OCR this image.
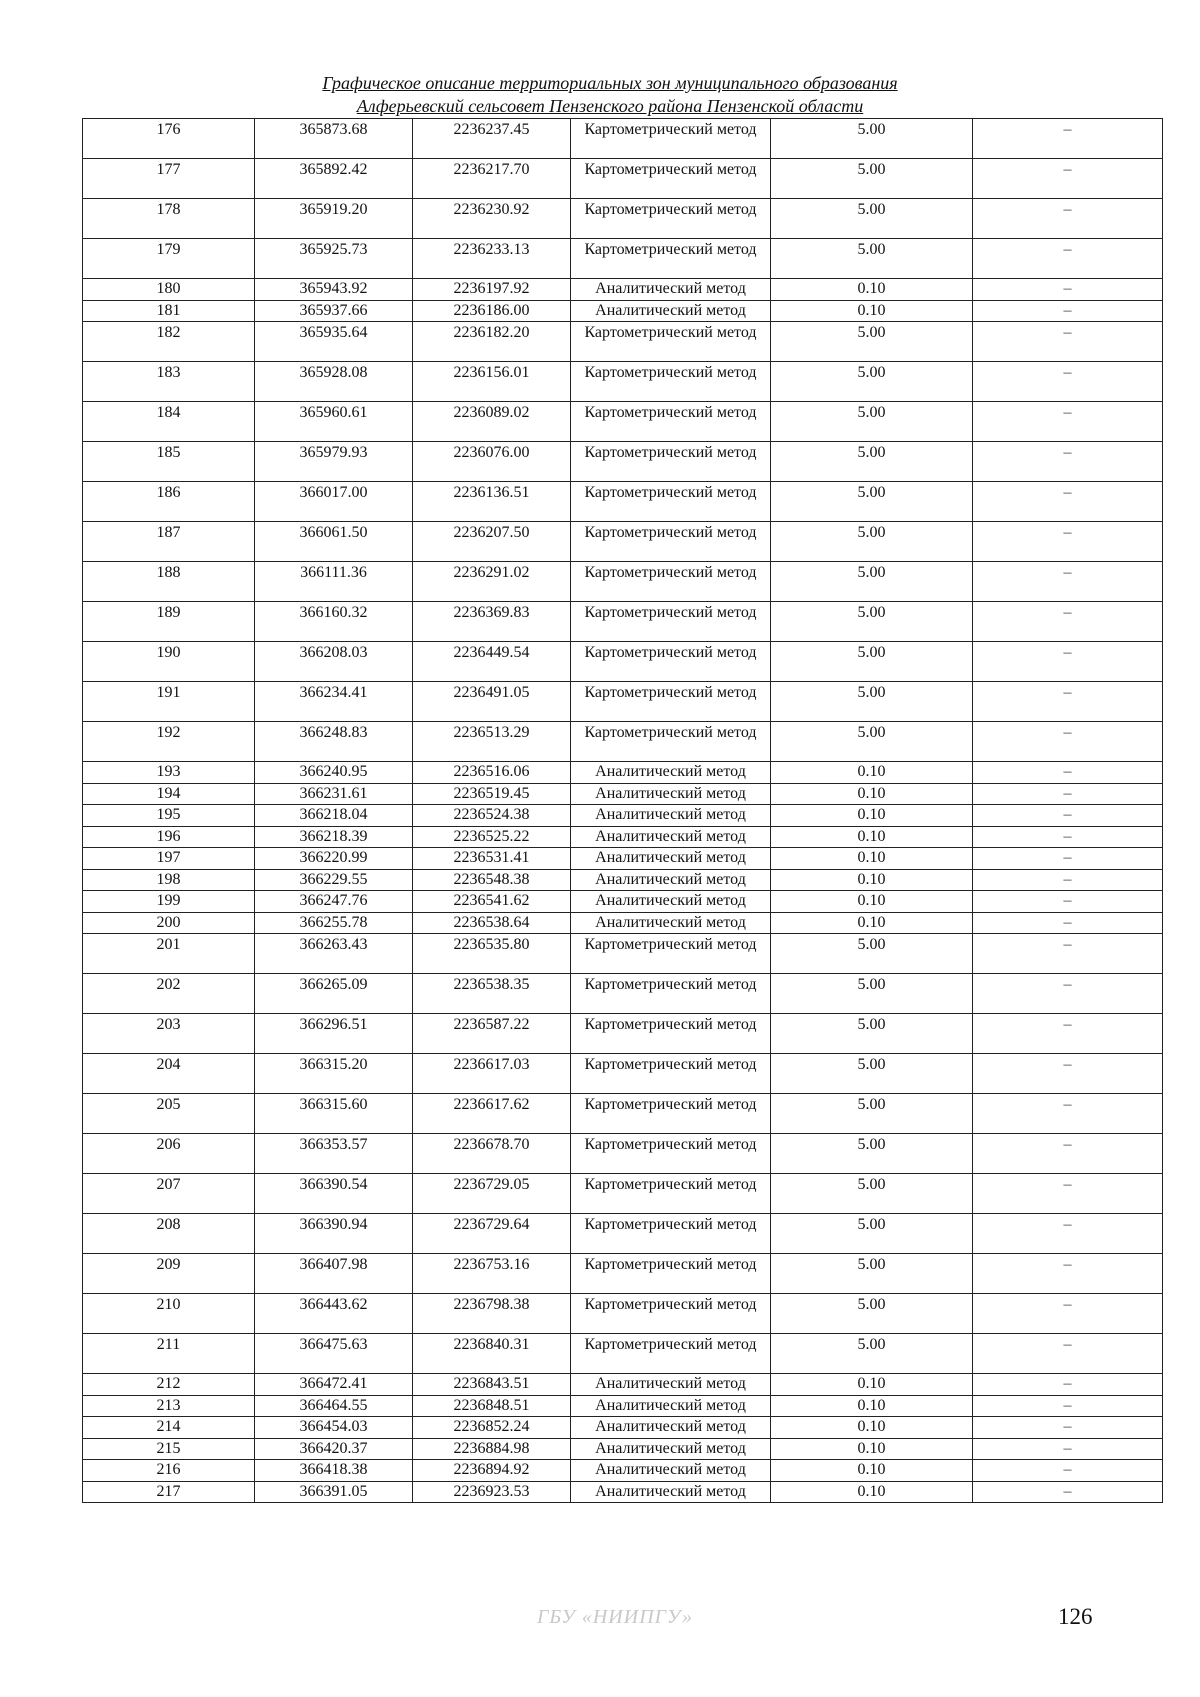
Графическое описание территориальных зон муниципального образования
Алферьевский сельсовет Пензенского района Пензенской области
176	365873.68	2236237.45	Картометрический метод	5.00	–
177	365892.42	2236217.70	Картометрический метод	5.00	–
178	365919.20	2236230.92	Картометрический метод	5.00	–
179	365925.73	2236233.13	Картометрический метод	5.00	–
180	365943.92	2236197.92	Аналитический метод	0.10	–
181	365937.66	2236186.00	Аналитический метод	0.10	–
182	365935.64	2236182.20	Картометрический метод	5.00	–
183	365928.08	2236156.01	Картометрический метод	5.00	–
184	365960.61	2236089.02	Картометрический метод	5.00	–
185	365979.93	2236076.00	Картометрический метод	5.00	–
186	366017.00	2236136.51	Картометрический метод	5.00	–
187	366061.50	2236207.50	Картометрический метод	5.00	–
188	366111.36	2236291.02	Картометрический метод	5.00	–
189	366160.32	2236369.83	Картометрический метод	5.00	–
190	366208.03	2236449.54	Картометрический метод	5.00	–
191	366234.41	2236491.05	Картометрический метод	5.00	–
192	366248.83	2236513.29	Картометрический метод	5.00	–
193	366240.95	2236516.06	Аналитический метод	0.10	–
194	366231.61	2236519.45	Аналитический метод	0.10	–
195	366218.04	2236524.38	Аналитический метод	0.10	–
196	366218.39	2236525.22	Аналитический метод	0.10	–
197	366220.99	2236531.41	Аналитический метод	0.10	–
198	366229.55	2236548.38	Аналитический метод	0.10	–
199	366247.76	2236541.62	Аналитический метод	0.10	–
200	366255.78	2236538.64	Аналитический метод	0.10	–
201	366263.43	2236535.80	Картометрический метод	5.00	–
202	366265.09	2236538.35	Картометрический метод	5.00	–
203	366296.51	2236587.22	Картометрический метод	5.00	–
204	366315.20	2236617.03	Картометрический метод	5.00	–
205	366315.60	2236617.62	Картометрический метод	5.00	–
206	366353.57	2236678.70	Картометрический метод	5.00	–
207	366390.54	2236729.05	Картометрический метод	5.00	–
208	366390.94	2236729.64	Картометрический метод	5.00	–
209	366407.98	2236753.16	Картометрический метод	5.00	–
210	366443.62	2236798.38	Картометрический метод	5.00	–
211	366475.63	2236840.31	Картометрический метод	5.00	–
212	366472.41	2236843.51	Аналитический метод	0.10	–
213	366464.55	2236848.51	Аналитический метод	0.10	–
214	366454.03	2236852.24	Аналитический метод	0.10	–
215	366420.37	2236884.98	Аналитический метод	0.10	–
216	366418.38	2236894.92	Аналитический метод	0.10	–
217	366391.05	2236923.53	Аналитический метод	0.10	–
ГБУ «НИИПГУ»	126
